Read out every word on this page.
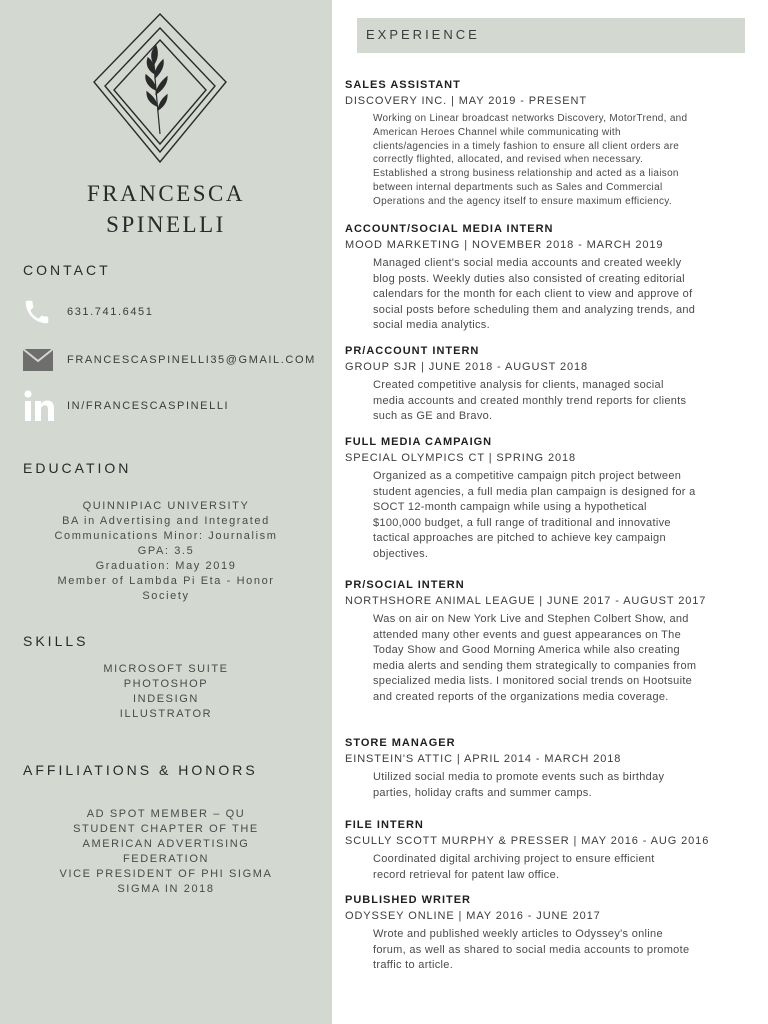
FRANCESCA
SPINELLI
CONTACT
631.741.6451
FRANCESCASPINELLI35@GMAIL.COM
IN/FRANCESCASPINELLI
EDUCATION
QUINNIPIAC UNIVERSITY
BA in Advertising and Integrated
Communications Minor: Journalism
GPA: 3.5
Graduation: May 2019
Member of Lambda Pi Eta - Honor
Society
SKILLS
MICROSOFT SUITE
PHOTOSHOP
INDESIGN
ILLUSTRATOR
AFFILIATIONS & HONORS
AD SPOT MEMBER – QU
STUDENT CHAPTER OF THE
AMERICAN ADVERTISING
FEDERATION
VICE PRESIDENT OF PHI SIGMA
SIGMA IN 2018
EXPERIENCE
SALES ASSISTANT
DISCOVERY INC. | MAY 2019 - PRESENT
Working on Linear broadcast networks Discovery, MotorTrend, and
American Heroes Channel while communicating with
clients/agencies in a timely fashion to ensure all client orders are
correctly flighted, allocated, and revised when necessary.
Established a strong business relationship and acted as a liaison
between internal departments such as Sales and Commercial
Operations and the agency itself to ensure maximum efficiency.
ACCOUNT/SOCIAL MEDIA INTERN
MOOD MARKETING | NOVEMBER 2018 - MARCH 2019
Managed client's social media accounts and created weekly
blog posts. Weekly duties also consisted of creating editorial
calendars for the month for each client to view and approve of
social posts before scheduling them and analyzing trends, and
social media analytics.
PR/ACCOUNT INTERN
GROUP SJR | JUNE 2018 - AUGUST 2018
Created competitive analysis for clients, managed social
media accounts and created monthly trend reports for clients
such as GE and Bravo.
FULL MEDIA CAMPAIGN
SPECIAL OLYMPICS CT | SPRING 2018
Organized as a competitive campaign pitch project between
student agencies, a full media plan campaign is designed for a
SOCT 12-month campaign while using a hypothetical
$100,000 budget, a full range of traditional and innovative
tactical approaches are pitched to achieve key campaign
objectives.
PR/SOCIAL INTERN
NORTHSHORE ANIMAL LEAGUE | JUNE 2017 - AUGUST 2017
Was on air on New York Live and Stephen Colbert Show, and
attended many other events and guest appearances on The
Today Show and Good Morning America while also creating
media alerts and sending them strategically to companies from
specialized media lists. I monitored social trends on Hootsuite
and created reports of the organizations media coverage.
STORE MANAGER
EINSTEIN'S ATTIC | APRIL 2014 - MARCH 2018
Utilized social media to promote events such as birthday
parties, holiday crafts and summer camps.
FILE INTERN
SCULLY SCOTT MURPHY & PRESSER | MAY 2016 - AUG 2016
Coordinated digital archiving project to ensure efficient
record retrieval for patent law office.
PUBLISHED WRITER
ODYSSEY ONLINE | MAY 2016 - JUNE 2017
Wrote and published weekly articles to Odyssey's online
forum, as well as shared to social media accounts to promote
traffic to article.
